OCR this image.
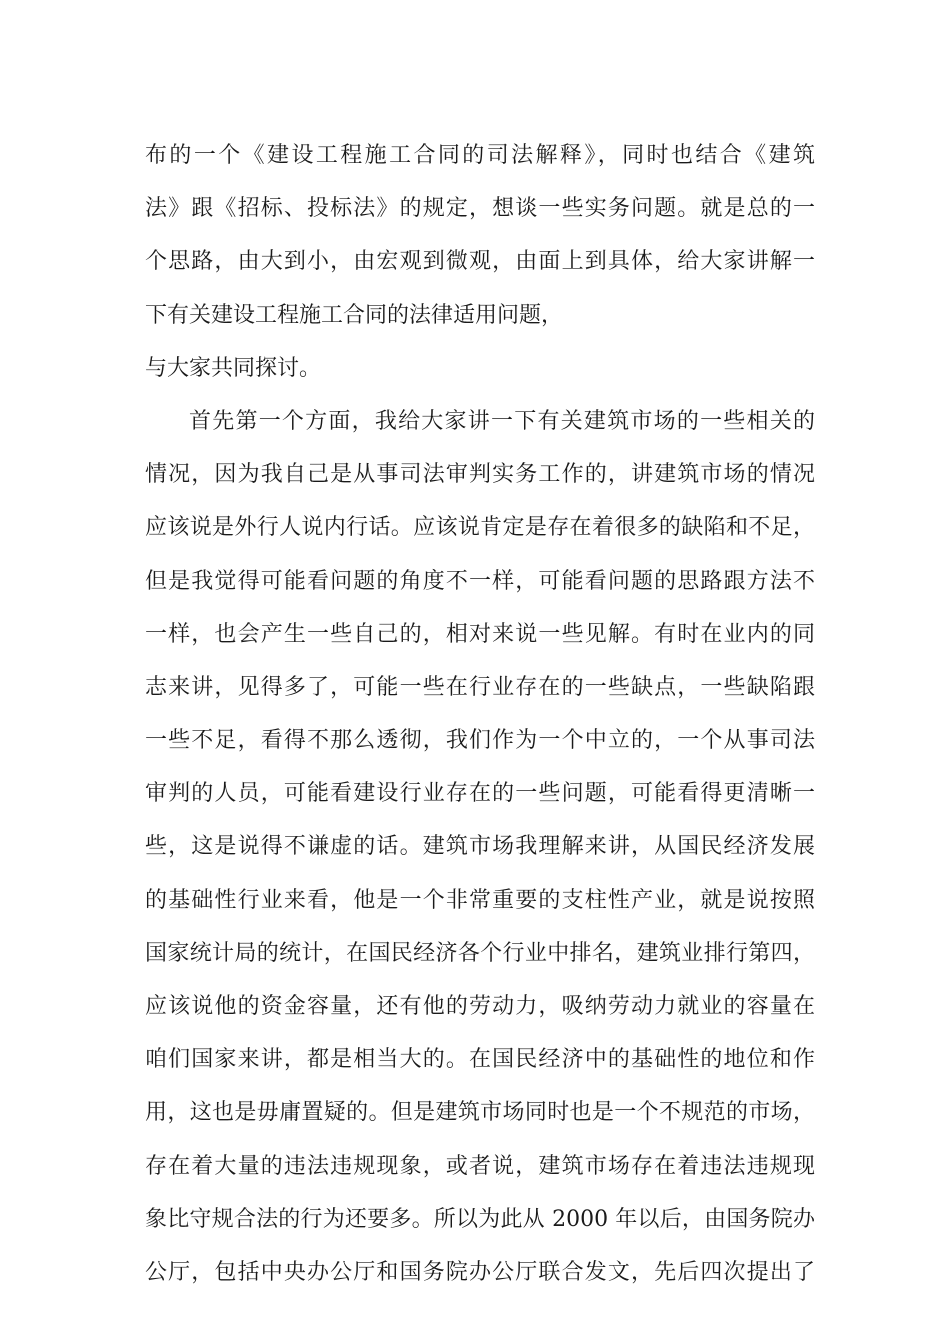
布的一个《建设工程施工合同的司法解释》，同时也结合《建筑
法》跟《招标、投标法》的规定，想谈一些实务问题。就是总的一
个思路，由大到小，由宏观到微观，由面上到具体，给大家讲解一
下有关建设工程施工合同的法律适用问题，
与大家共同探讨。
首先第一个方面，我给大家讲一下有关建筑市场的一些相关的
情况，因为我自己是从事司法审判实务工作的，讲建筑市场的情况
应该说是外行人说内行话。应该说肯定是存在着很多的缺陷和不足，
但是我觉得可能看问题的角度不一样，可能看问题的思路跟方法不
一样，也会产生一些自己的，相对来说一些见解。有时在业内的同
志来讲，见得多了，可能一些在行业存在的一些缺点，一些缺陷跟
一些不足，看得不那么透彻，我们作为一个中立的，一个从事司法
审判的人员，可能看建设行业存在的一些问题，可能看得更清晰一
些，这是说得不谦虚的话。建筑市场我理解来讲，从国民经济发展
的基础性行业来看，他是一个非常重要的支柱性产业，就是说按照
国家统计局的统计，在国民经济各个行业中排名，建筑业排行第四，
应该说他的资金容量，还有他的劳动力，吸纳劳动力就业的容量在
咱们国家来讲，都是相当大的。在国民经济中的基础性的地位和作
用，这也是毋庸置疑的。但是建筑市场同时也是一个不规范的市场，
存在着大量的违法违规现象，或者说，建筑市场存在着违法违规现
象比守规合法的行为还要多。所以为此从 2000 年以后，由国务院办
公厅，包括中央办公厅和国务院办公厅联合发文，先后四次提出了
